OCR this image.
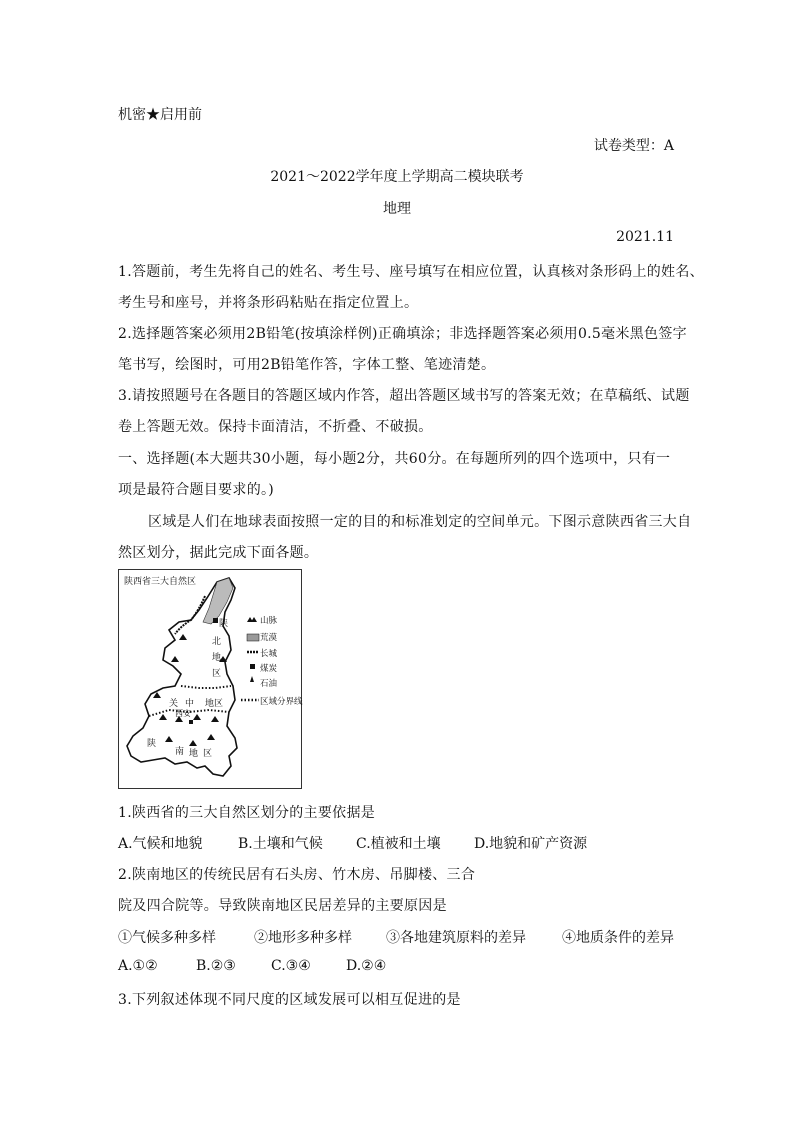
机密★启用前
试卷类型：A
2021～2022学年度上学期高二模块联考
地理
2021.11
1.答题前，考生先将自己的姓名、考生号、座号填写在相应位置，认真核对条形码上的姓名、
考生号和座号，并将条形码粘贴在指定位置上。
2.选择题答案必须用2B铅笔(按填涂样例)正确填涂；非选择题答案必须用0.5毫米黑色签字
笔书写，绘图时，可用2B铅笔作答，字体工整、笔迹清楚。
3.请按照题号在各题目的答题区域内作答，超出答题区域书写的答案无效；在草稿纸、试题
卷上答题无效。保持卡面清洁，不折叠、不破损。
一、选择题(本大题共30小题，每小题2分，共60分。在每题所列的四个选项中，只有一
项是最符合题目要求的。)
区域是人们在地球表面按照一定的目的和标准划定的空间单元。下图示意陕西省三大自
然区划分，据此完成下面各题。
陕西省三大自然区
陕
北
地
区
关 中 地区
西安
陕
南 地 区
山脉
荒漠
长城
煤炭
石油
区域分界线
1.陕西省的三大自然区划分的主要依据是
A.气候和地貌	B.土壤和气候 C.植被和土壤 D.地貌和矿产资源
2.陕南地区的传统民居有石头房、竹木房、吊脚楼、三合
院及四合院等。导致陕南地区民居差异的主要原因是
①气候多种多样	②地形多种多样 ③各地建筑原料的差异	④地质条件的差异
A.①②	B.②③	C.③④	D.②④
3.下列叙述体现不同尺度的区域发展可以相互促进的是
